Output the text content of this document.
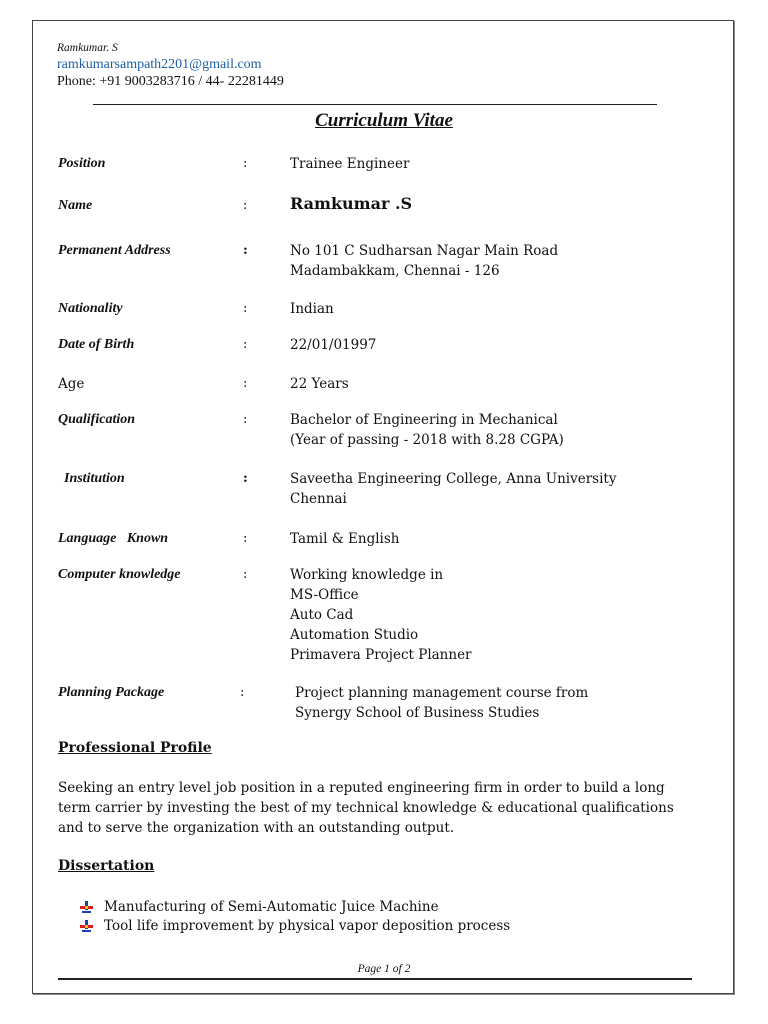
Ramkumar. S
ramkumarsampath2201@gmail.com
Phone: +91 9003283716 / 44- 22281449
Curriculum Vitae
Position	:	Trainee Engineer
Name	:	Ramkumar .S
Permanent Address	:	No 101 C Sudharsan Nagar Main Road
Madambakkam, Chennai - 126
Nationality	:	Indian
Date of Birth	:	22/01/01997
Age	:	22 Years
Qualification	:	Bachelor of Engineering in Mechanical
(Year of passing - 2018 with 8.28 CGPA)
Institution	:	Saveetha Engineering College, Anna University
Chennai
Language   Known	:	Tamil & English
Computer knowledge	:	Working knowledge in
MS-Office
Auto Cad
Automation Studio
Primavera Project Planner
Planning Package	:	Project planning management course from
Synergy School of Business Studies
Professional Profile
Seeking an entry level job position in a reputed engineering firm in order to build a long
term carrier by investing the best of my technical knowledge & educational qualifications
and to serve the organization with an outstanding output.
Dissertation
Manufacturing of Semi-Automatic Juice Machine
Tool life improvement by physical vapor deposition process
Page 1 of 2
